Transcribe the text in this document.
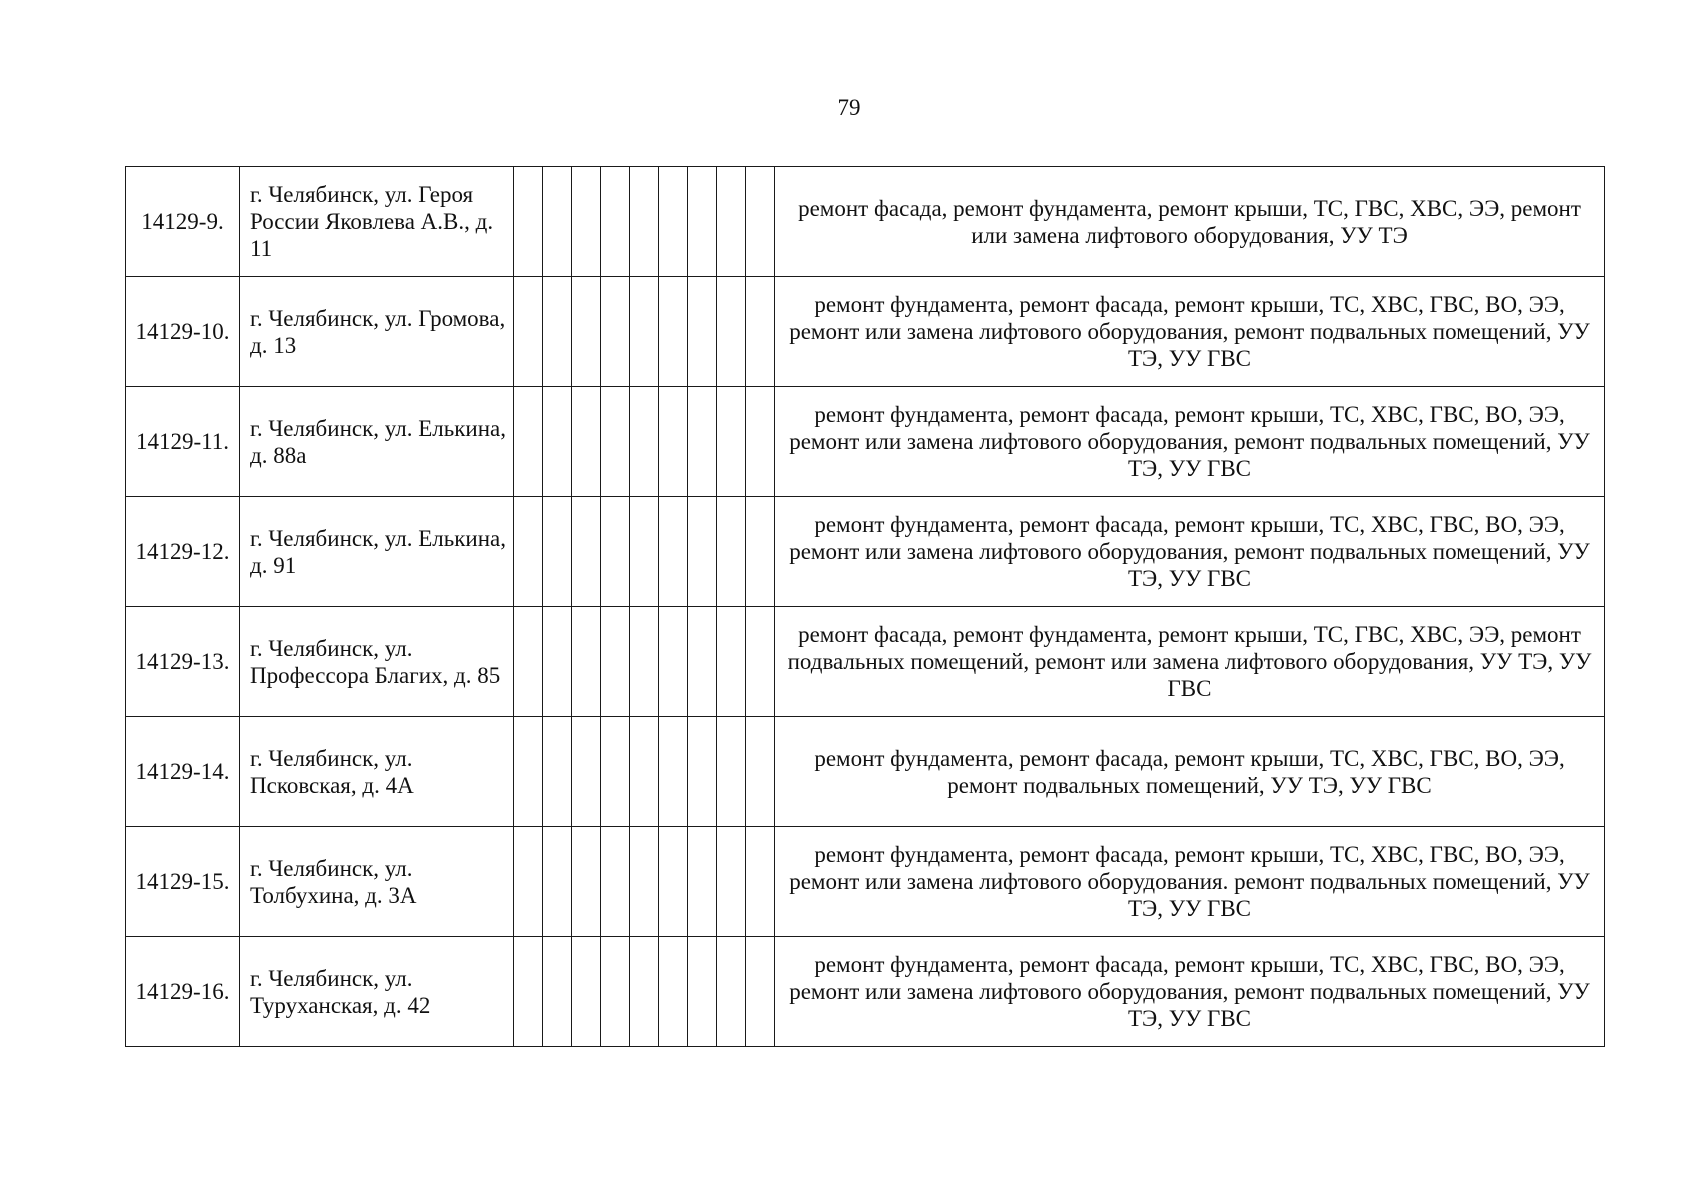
79
14129-9.	г. Челябинск, ул. Героя России Яковлева А.В., д. 11										ремонт фасада, ремонт фундамента, ремонт крыши, ТС, ГВС, ХВС, ЭЭ, ремонт или замена лифтового оборудования, УУ ТЭ
14129-10.	г. Челябинск, ул. Громова, д. 13										ремонт фундамента, ремонт фасада, ремонт крыши, ТС, ХВС, ГВС, ВО, ЭЭ, ремонт или замена лифтового оборудования, ремонт подвальных помещений, УУ ТЭ, УУ ГВС
14129-11.	г. Челябинск, ул. Елькина, д. 88а										ремонт фундамента, ремонт фасада, ремонт крыши, ТС, ХВС, ГВС, ВО, ЭЭ, ремонт или замена лифтового оборудования, ремонт подвальных помещений, УУ ТЭ, УУ ГВС
14129-12.	г. Челябинск, ул. Елькина, д. 91										ремонт фундамента, ремонт фасада, ремонт крыши, ТС, ХВС, ГВС, ВО, ЭЭ, ремонт или замена лифтового оборудования, ремонт подвальных помещений, УУ ТЭ, УУ ГВС
14129-13.	г. Челябинск, ул. Профессора Благих, д. 85										ремонт фасада, ремонт фундамента, ремонт крыши, ТС, ГВС, ХВС, ЭЭ, ремонт подвальных помещений, ремонт или замена лифтового оборудования, УУ ТЭ, УУ ГВС
14129-14.	г. Челябинск, ул. Псковская, д. 4А										ремонт фундамента, ремонт фасада, ремонт крыши, ТС, ХВС, ГВС, ВО, ЭЭ, ремонт подвальных помещений, УУ ТЭ, УУ ГВС
14129-15.	г. Челябинск, ул. Толбухина, д. 3А										ремонт фундамента, ремонт фасада, ремонт крыши, ТС, ХВС, ГВС, ВО, ЭЭ, ремонт или замена лифтового оборудования. ремонт подвальных помещений, УУ ТЭ, УУ ГВС
14129-16.	г. Челябинск, ул. Туруханская, д. 42										ремонт фундамента, ремонт фасада, ремонт крыши, ТС, ХВС, ГВС, ВО, ЭЭ, ремонт или замена лифтового оборудования, ремонт подвальных помещений, УУ ТЭ, УУ ГВС
